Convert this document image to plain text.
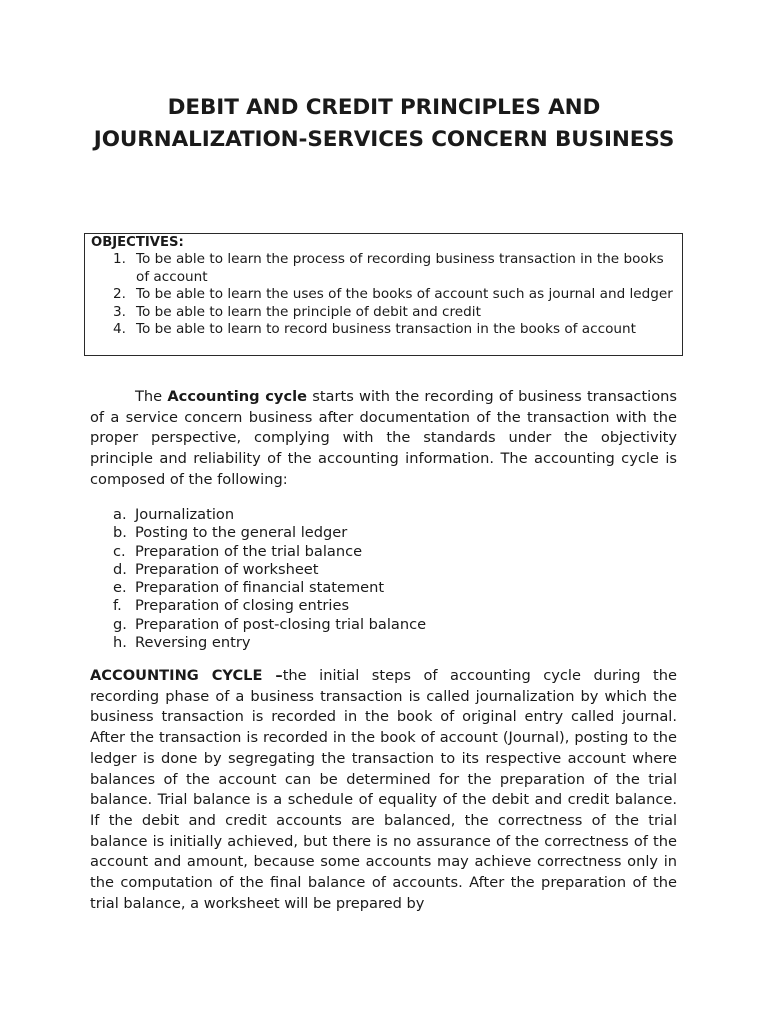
DEBIT AND CREDIT PRINCIPLES AND JOURNALIZATION-SERVICES CONCERN BUSINESS
OBJECTIVES:
1. To be able to learn the process of recording business transaction in the books of account
2. To be able to learn the uses of the books of account such as journal and ledger
3. To be able to learn the principle of debit and credit
4. To be able to learn to record business transaction in the books of account

The Accounting cycle starts with the recording of business transactions of a service concern business after documentation of the transaction with the proper perspective, complying with the standards under the objectivity principle and reliability of the accounting information. The accounting cycle is composed of the following:

a. Journalization
b. Posting to the general ledger
c. Preparation of the trial balance
d. Preparation of worksheet
e. Preparation of financial statement
f. Preparation of closing entries
g. Preparation of post-closing trial balance
h. Reversing entry

ACCOUNTING CYCLE –the initial steps of accounting cycle during the recording phase of a business transaction is called journalization by which the business transaction is recorded in the book of original entry called journal. After the transaction is recorded in the book of account (Journal), posting to the ledger is done by segregating the transaction to its respective account where balances of the account can be determined for the preparation of the trial balance. Trial balance is a schedule of equality of the debit and credit balance. If the debit and credit accounts are balanced, the correctness of the trial balance is initially achieved, but there is no assurance of the correctness of the account and amount, because some accounts may achieve correctness only in the computation of the final balance of accounts. After the preparation of the trial balance, a worksheet will be prepared by
